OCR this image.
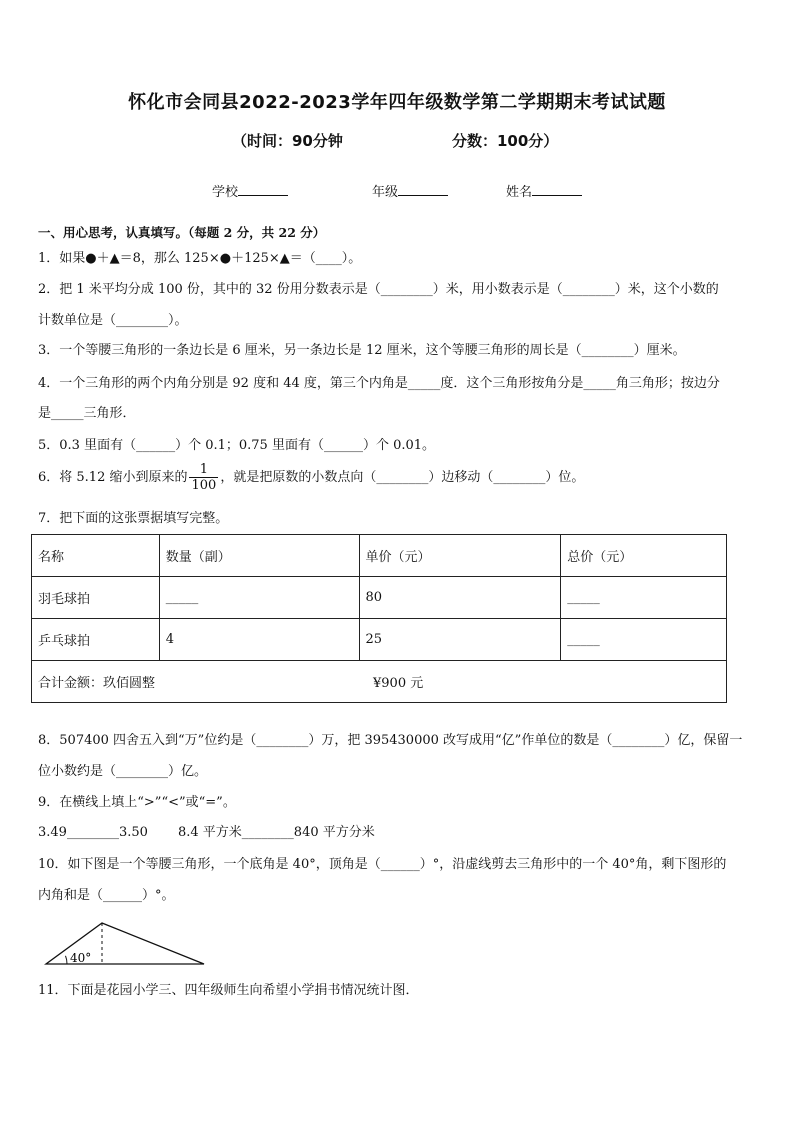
怀化市会同县2022-2023学年四年级数学第二学期期末考试试题
（时间：90分钟	分数：100分）
学校	年级	姓名
一、用心思考，认真填写。（每题 2 分，共 22 分）
1．如果●＋▲＝8，那么 125×●＋125×▲＝（____）。
2．把 1 米平均分成 100 份，其中的 32 份用分数表示是（________）米，用小数表示是（________）米，这个小数的
计数单位是（________）。
3．一个等腰三角形的一条边长是 6 厘米，另一条边长是 12 厘米，这个等腰三角形的周长是（________）厘米。
4．一个三角形的两个内角分别是 92 度和 44 度，第三个内角是_____度．这个三角形按角分是_____角三角形；按边分
是_____三角形．
5．0.3 里面有（______）个 0.1；0.75 里面有（______）个 0.01。
6．将 5.12 缩小到原来的 $\frac{1}{100}$ ，就是把原数的小数点向（________）边移动（________）位。
7．把下面的这张票据填写完整。
名称	数量（副）	单价（元）	总价（元）
羽毛球拍	_____	80	_____
乒乓球拍	4	25	_____
合计金额：玖佰圆整 ¥900 元			
8．507400 四舍五入到“万”位约是（________）万，把 395430000 改写成用“亿”作单位的数是（________）亿，保留一
位小数约是（________）亿。
9．在横线上填上“>”“<”或“=”。
3.49________3.50 8.4 平方米________840 平方分米
10．如下图是一个等腰三角形，一个底角是 40°，顶角是（______）°，沿虚线剪去三角形中的一个 40°角，剩下图形的
内角和是（______）°。
40°
11．下面是花园小学三、四年级师生向希望小学捐书情况统计图．
